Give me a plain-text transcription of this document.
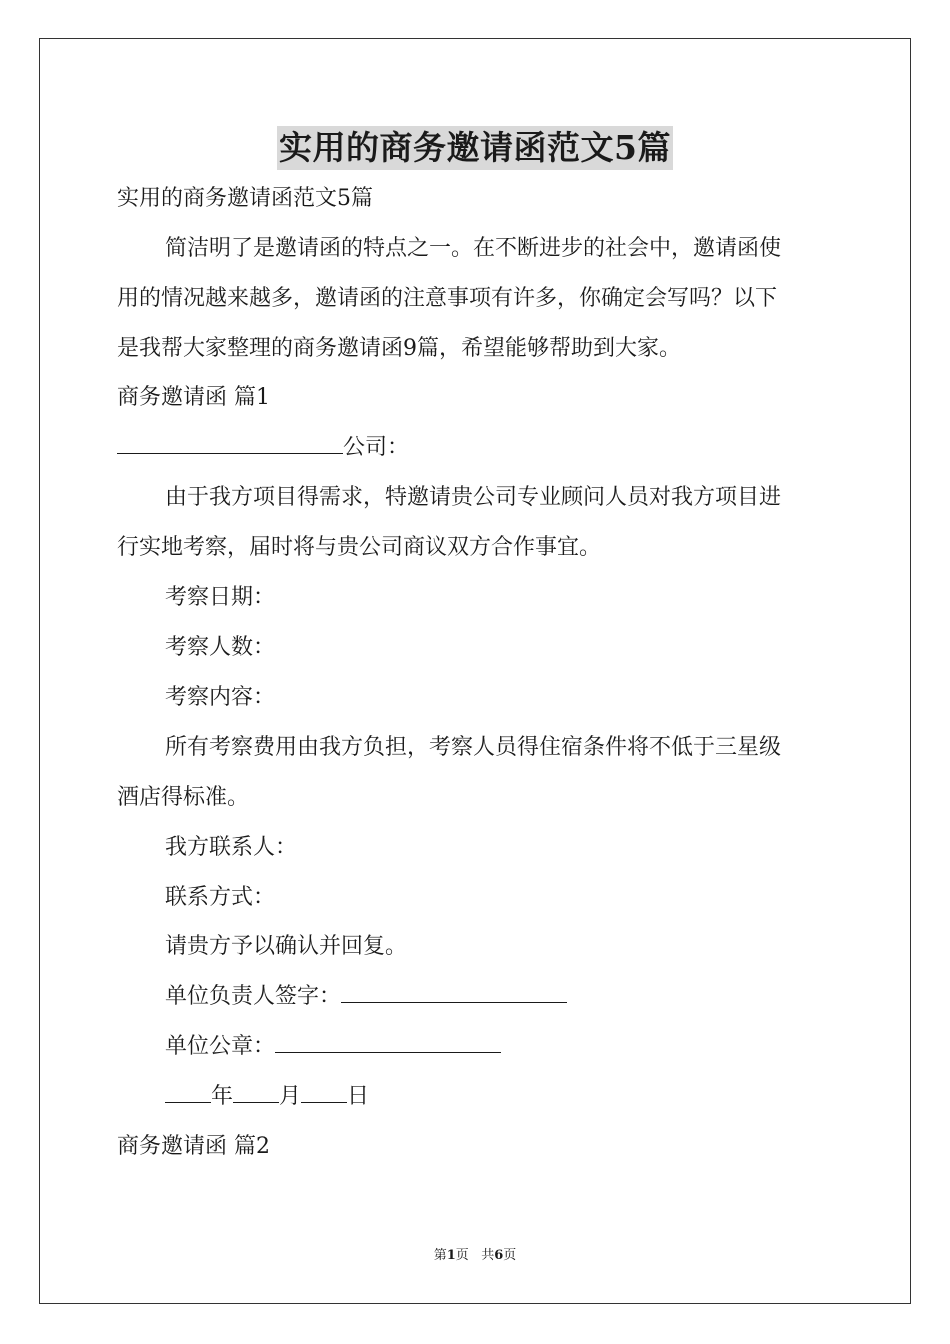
实用的商务邀请函范文5篇
实用的商务邀请函范文5篇
简洁明了是邀请函的特点之一。在不断进步的社会中，邀请函使
用的情况越来越多，邀请函的注意事项有许多，你确定会写吗？以下
是我帮大家整理的商务邀请函9篇，希望能够帮助到大家。
商务邀请函 篇1
公司：
由于我方项目得需求，特邀请贵公司专业顾问人员对我方项目进
行实地考察，届时将与贵公司商议双方合作事宜。
考察日期：
考察人数：
考察内容：
所有考察费用由我方负担，考察人员得住宿条件将不低于三星级
酒店得标准。
我方联系人：
联系方式：
请贵方予以确认并回复。
单位负责人签字：
单位公章：
年 月 日
商务邀请函 篇2
第1页 共6页
